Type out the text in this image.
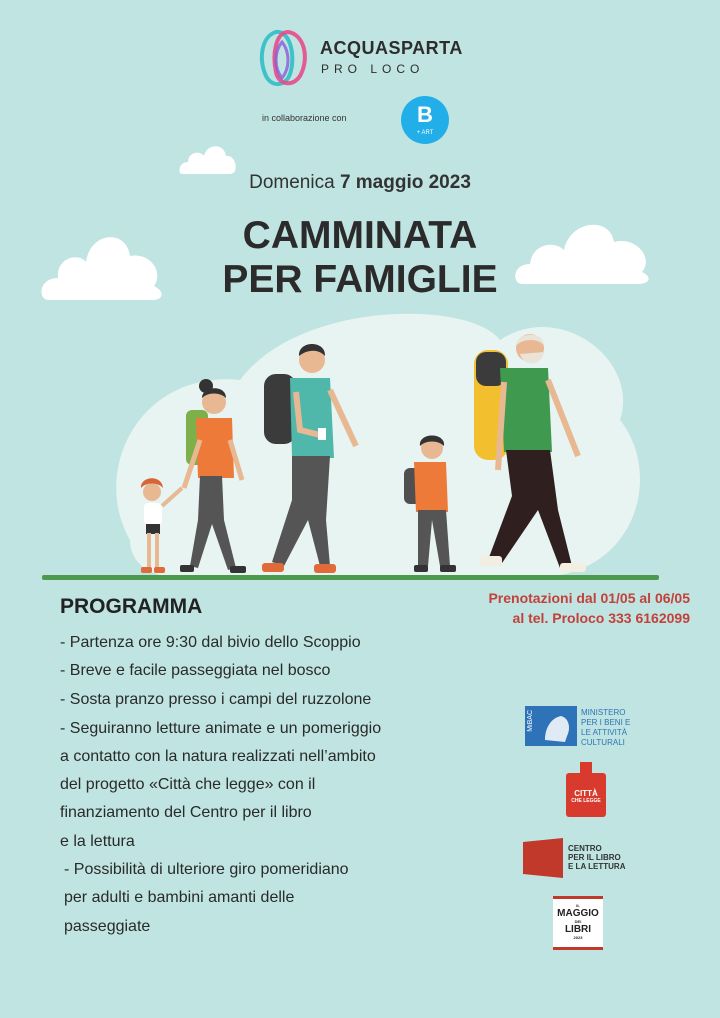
ACQUASPARTA
PRO LOCO
in collaborazione con	B
+ ART
Domenica 7 maggio 2023
CAMMINATA
PER FAMIGLIE
PROGRAMMA	Prenotazioni dal 01/05 al 06/05
al tel. Proloco 333 6162099
- Partenza ore 9:30 dal bivio dello Scoppio
- Breve e facile passeggiata nel bosco
- Sosta pranzo presso i campi del ruzzolone
- Seguiranno letture animate e un pomeriggio
a contatto con la natura realizzati nell’ambito
del progetto «Città che legge» con il
finanziamento del Centro per il libro
e la lettura
- Possibilità di ulteriore giro pomeridiano
per adulti e bambini amanti delle
passeggiate
MiBAC	MINISTERO
PER I BENI E
LE ATTIVITÀ
CULTURALI
CITTÀ
CHE LEGGE
CENTRO
PER IL LIBRO
E LA LETTURA
IL
MAGGIO
DEI
LIBRI
2023
